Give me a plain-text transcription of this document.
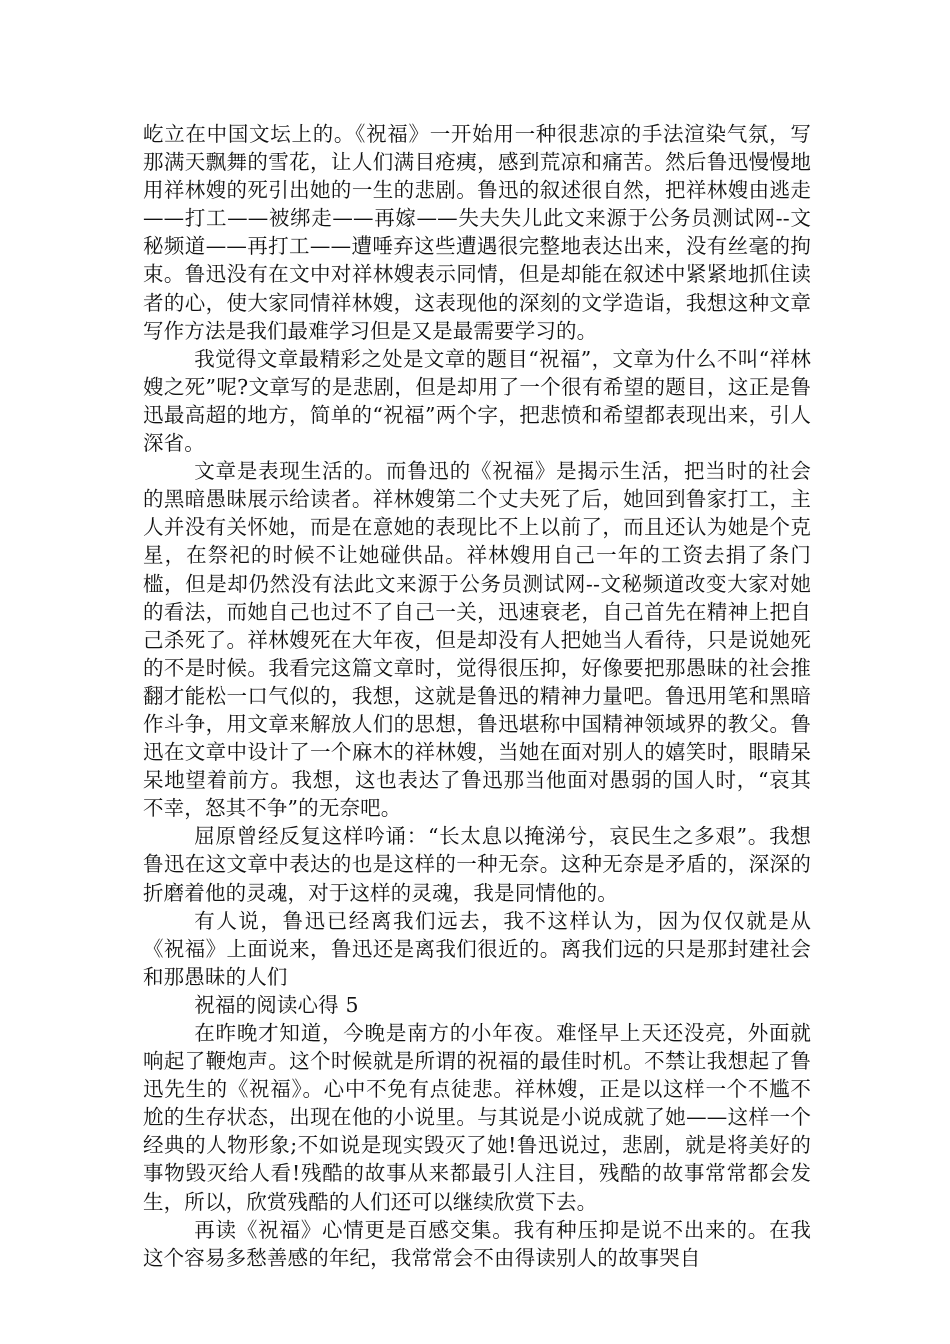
屹立在中国文坛上的。《祝福》一开始用一种很悲凉的手法渲染气氛，写那满天飘舞的雪花，让人们满目疮痍，感到荒凉和痛苦。然后鲁迅慢慢地用祥林嫂的死引出她的一生的悲剧。鲁迅的叙述很自然，把祥林嫂由逃走——打工——被绑走——再嫁——失夫失儿此文来源于公务员测试网--文秘频道——再打工——遭唾弃这些遭遇很完整地表达出来，没有丝毫的拘束。鲁迅没有在文中对祥林嫂表示同情，但是却能在叙述中紧紧地抓住读者的心，使大家同情祥林嫂，这表现他的深刻的文学造诣，我想这种文章写作方法是我们最难学习但是又是最需要学习的。

我觉得文章最精彩之处是文章的题目“祝福”，文章为什么不叫“祥林嫂之死”呢?文章写的是悲剧，但是却用了一个很有希望的题目，这正是鲁迅最高超的地方，简单的“祝福”两个字，把悲愤和希望都表现出来，引人深省。

文章是表现生活的。而鲁迅的《祝福》是揭示生活，把当时的社会的黑暗愚昧展示给读者。祥林嫂第二个丈夫死了后，她回到鲁家打工，主人并没有关怀她，而是在意她的表现比不上以前了，而且还认为她是个克星，在祭祀的时候不让她碰供品。祥林嫂用自己一年的工资去捐了条门槛，但是却仍然没有法此文来源于公务员测试网--文秘频道改变大家对她的看法，而她自己也过不了自己一关，迅速衰老，自己首先在精神上把自己杀死了。祥林嫂死在大年夜，但是却没有人把她当人看待，只是说她死的不是时候。我看完这篇文章时，觉得很压抑，好像要把那愚昧的社会推翻才能松一口气似的，我想，这就是鲁迅的精神力量吧。鲁迅用笔和黑暗作斗争，用文章来解放人们的思想，鲁迅堪称中国精神领域界的教父。鲁迅在文章中设计了一个麻木的祥林嫂，当她在面对别人的嬉笑时，眼睛呆呆地望着前方。我想，这也表达了鲁迅那当他面对愚弱的国人时，“哀其不幸，怒其不争”的无奈吧。

屈原曾经反复这样吟诵：“长太息以掩涕兮，哀民生之多艰”。我想鲁迅在这文章中表达的也是这样的一种无奈。这种无奈是矛盾的，深深的折磨着他的灵魂，对于这样的灵魂，我是同情他的。

有人说，鲁迅已经离我们远去，我不这样认为，因为仅仅就是从《祝福》上面说来，鲁迅还是离我们很近的。离我们远的只是那封建社会和那愚昧的人们

祝福的阅读心得 5

在昨晚才知道，今晚是南方的小年夜。难怪早上天还没亮，外面就响起了鞭炮声。这个时候就是所谓的祝福的最佳时机。不禁让我想起了鲁迅先生的《祝福》。心中不免有点徒悲。祥林嫂，正是以这样一个不尴不尬的生存状态，出现在他的小说里。与其说是小说成就了她——这样一个经典的人物形象;不如说是现实毁灭了她!鲁迅说过，悲剧，就是将美好的事物毁灭给人看!残酷的故事从来都最引人注目，残酷的故事常常都会发生，所以，欣赏残酷的人们还可以继续欣赏下去。

再读《祝福》心情更是百感交集。我有种压抑是说不出来的。在我这个容易多愁善感的年纪，我常常会不由得读别人的故事哭自
